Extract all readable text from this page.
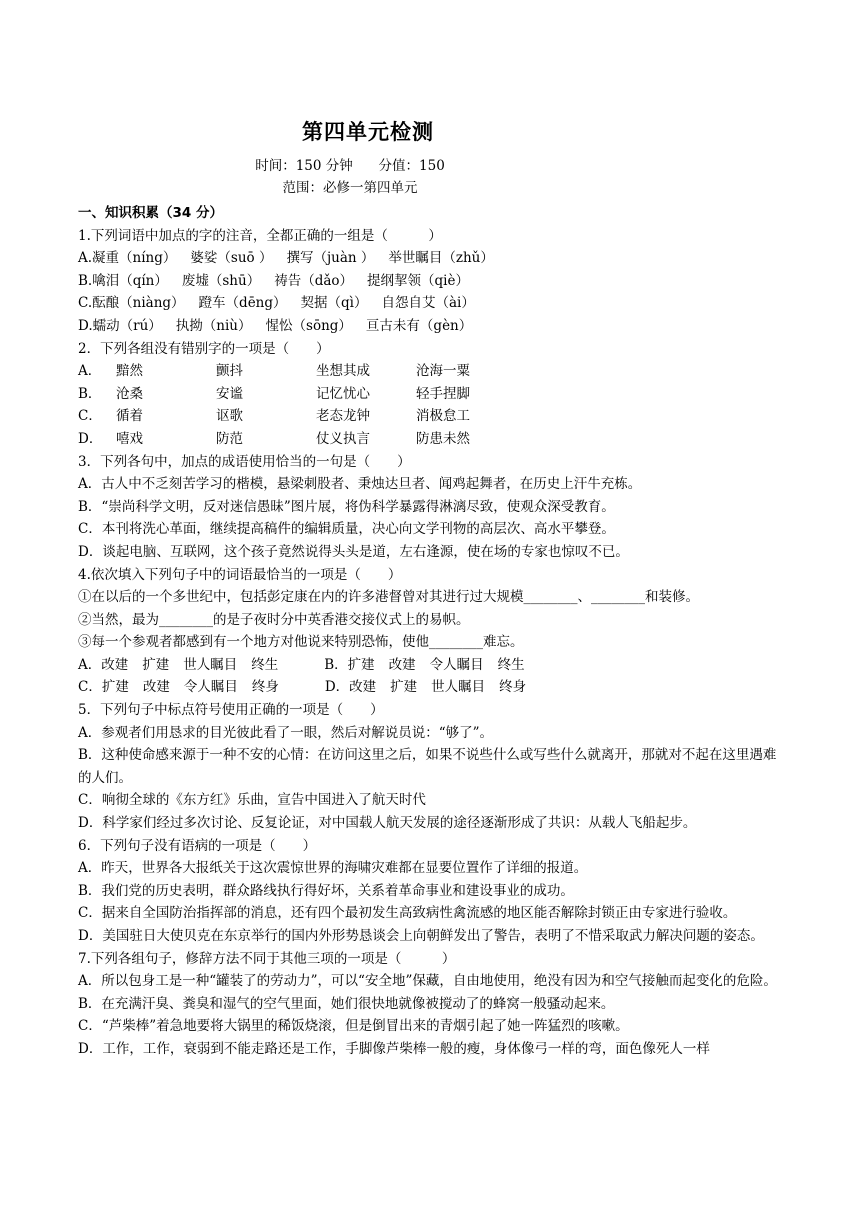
第四单元检测
时间：150 分钟 分值：150
范围：必修一第四单元
一、知识积累（34 分）
1.下列词语中加点的字的注音，全都正确的一组是（　　　）
A.凝重（níng） 婆娑（suō ） 撰写（juàn ） 举世瞩目（zhǔ）
B.噙泪（qín） 废墟（shū） 祷告（dǎo） 提纲挈领（qiè）
C.酝酿（niàng） 蹬车（dēng） 契据（qì） 自怨自艾（ài）
D.蠕动（rú） 执拗（niù） 惺忪（sōng） 亘古未有（gèn）
2．下列各组没有错别字的一项是（　　）
A． 黯然	颤抖	坐想其成	沧海一粟
B． 沧桑	安谧	记忆忧心	轻手捏脚
C． 循着	讴歌	老态龙钟	消极怠工
D． 嘻戏	防范	仗义执言	防患未然
3．下列各句中，加点的成语使用恰当的一句是（　　）
A．古人中不乏刻苦学习的楷模，悬梁刺股者、秉烛达旦者、闻鸡起舞者，在历史上汗牛充栋。
B．“崇尚科学文明，反对迷信愚昧”图片展，将伪科学暴露得淋漓尽致，使观众深受教育。
C．本刊将洗心革面，继续提高稿件的编辑质量，决心向文学刊物的高层次、高水平攀登。
D．谈起电脑、互联网，这个孩子竟然说得头头是道，左右逢源，使在场的专家也惊叹不已。
4.依次填入下列句子中的词语最恰当的一项是（　　）
①在以后的一个多世纪中，包括彭定康在内的许多港督曾对其进行过大规模________、________和装修。
②当然，最为________的是子夜时分中英香港交接仪式上的易帜。
③每一个参观者都感到有一个地方对他说来特别恐怖，使他________难忘。
A．改建 扩建 世人瞩目 终生	B．扩建 改建 令人瞩目 终生
C．扩建 改建 令人瞩目 终身	D．改建 扩建 世人瞩目 终身
5．下列句子中标点符号使用正确的一项是（　　）
A．参观者们用恳求的目光彼此看了一眼，然后对解说员说：“够了”。
B．这种使命感来源于一种不安的心情：在访问这里之后，如果不说些什么或写些什么就离开，那就对不起在这里遇难的人们。
C．响彻全球的《东方红》乐曲，宣告中国进入了航天时代
D．科学家们经过多次讨论、反复论证，对中国载人航天发展的途径逐渐形成了共识：从载人飞船起步。
6．下列句子没有语病的一项是（　　）
A．昨天，世界各大报纸关于这次震惊世界的海啸灾难都在显要位置作了详细的报道。
B．我们党的历史表明，群众路线执行得好坏，关系着革命事业和建设事业的成功。
C．据来自全国防治指挥部的消息，还有四个最初发生高致病性禽流感的地区能否解除封锁正由专家进行验收。
D．美国驻日大使贝克在东京举行的国内外形势恳谈会上向朝鲜发出了警告，表明了不惜采取武力解决问题的姿态。
7.下列各组句子，修辞方法不同于其他三项的一项是（　　　）
A．所以包身工是一种“罐装了的劳动力”，可以“安全地”保藏，自由地使用，绝没有因为和空气接触而起变化的危险。
B．在充满汗臭、粪臭和湿气的空气里面，她们很快地就像被搅动了的蜂窝一般骚动起来。
C．“芦柴棒”着急地要将大锅里的稀饭烧滚，但是倒冒出来的青烟引起了她一阵猛烈的咳嗽。
D．工作，工作，衰弱到不能走路还是工作，手脚像芦柴棒一般的瘦，身体像弓一样的弯，面色像死人一样
